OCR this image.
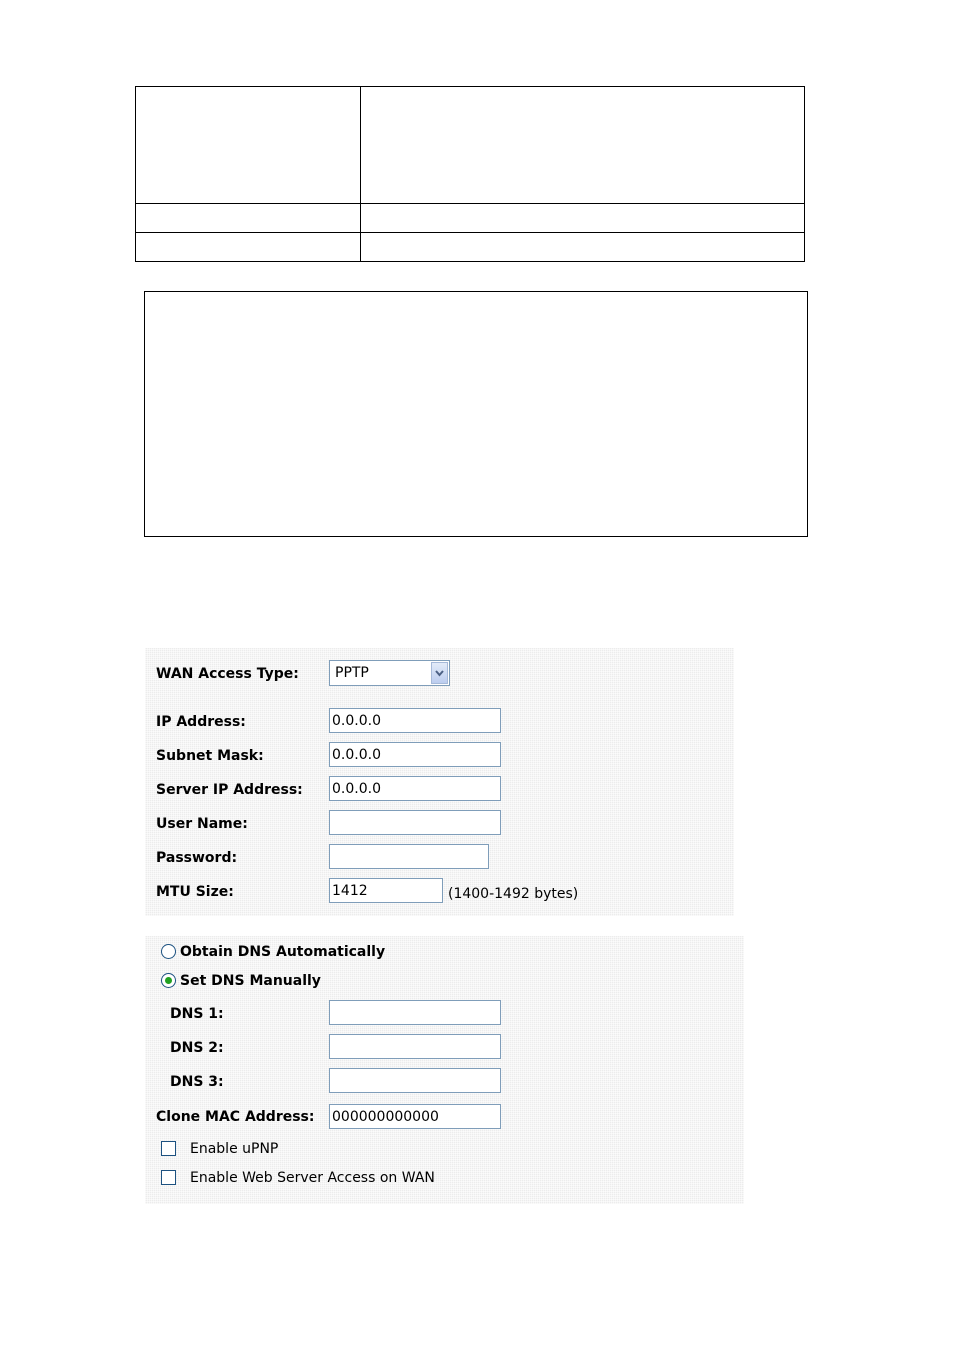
WAN Access Type:	PPTP
IP Address:
0.0.0.0
Subnet Mask:
0.0.0.0
Server IP Address:
0.0.0.0
User Name:
Password:
MTU Size:
1412	(1400-1492 bytes)
Obtain DNS Automatically
Set DNS Manually
DNS 1:
DNS 2:
DNS 3:
Clone MAC Address:
000000000000
Enable uPNP
Enable Web Server Access on WAN
